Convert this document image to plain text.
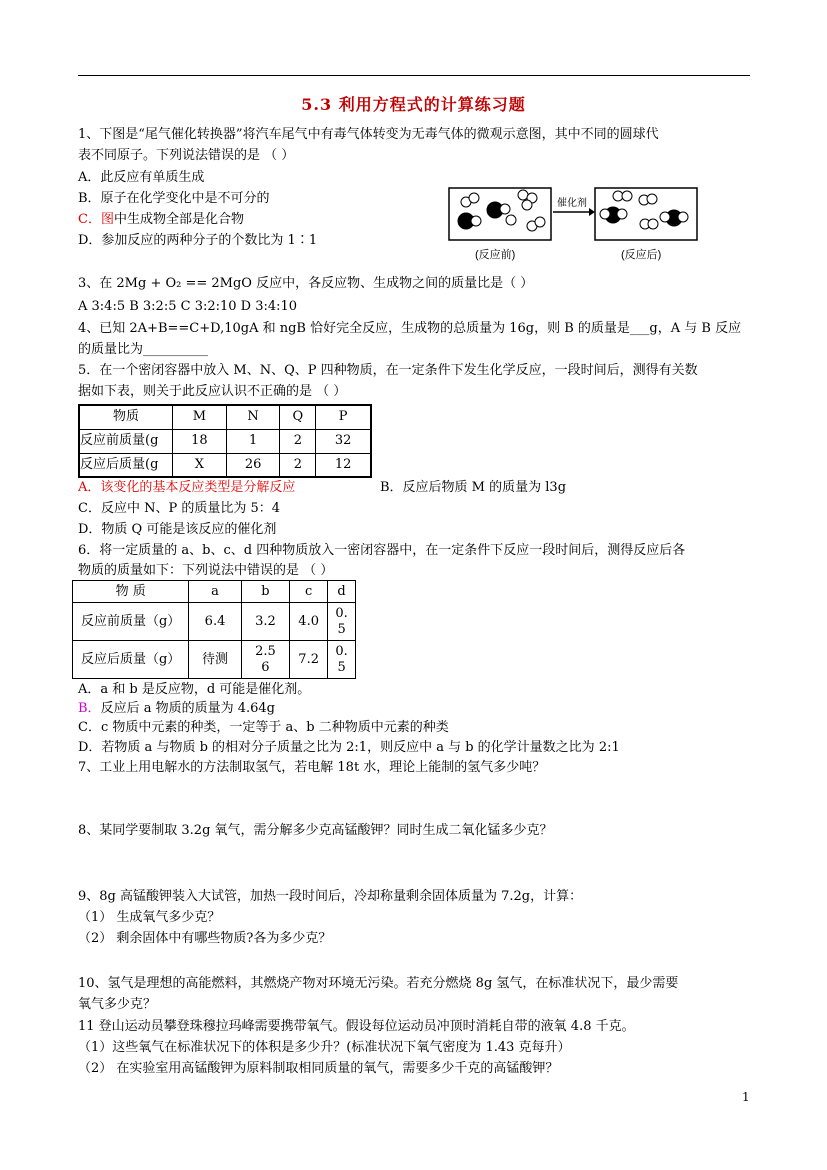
5.3 利用方程式的计算练习题
1、下图是“尾气催化转换器”将汽车尾气中有毒气体转变为无毒气体的微观示意图，其中不同的圆球代
表不同原子。下列说法错误的是 （ ）
A．此反应有单质生成
B．原子在化学变化中是不可分的
C．图中生成物全部是化合物
D．参加反应的两种分子的个数比为 1∶1
催化剂
(反应前)	(反应后)
3、在 2Mg + O₂ == 2MgO 反应中，各反应物、生成物之间的质量比是（ ）
A 3:4:5 B 3:2:5 C 3:2:10 D 3:4:10
4、已知 2A+B==C+D,10gA 和 ngB 恰好完全反应，生成物的总质量为 16g，则 B 的质量是___g，A 与 B 反应
的质量比为__________
5．在一个密闭容器中放入 M、N、Q、P 四种物质，在一定条件下发生化学反应，一段时间后，测得有关数
据如下表，则关于此反应认识不正确的是 （ ）
物质	M	N	Q	P
反应前质量(g	18	1	2	32
反应后质量(g	X	26	2	12
A．该变化的基本反应类型是分解反应	B．反应后物质 M 的质量为 l3g
C．反应中 N、P 的质量比为 5：4
D．物质 Q 可能是该反应的催化剂
6．将一定质量的 a、b、c、d 四种物质放入一密闭容器中，在一定条件下反应一段时间后，测得反应后各
物质的质量如下：下列说法中错误的是 （ ）
物 质	a	b	c	d
反应前质量（g）	6.4	3.2	4.0	0.5
反应后质量（g）	待测	2.56	7.2	0.5
A．a 和 b 是反应物，d 可能是催化剂。
B．反应后 a 物质的质量为 4.64g
C．c 物质中元素的种类，一定等于 a、b 二种物质中元素的种类
D．若物质 a 与物质 b 的相对分子质量之比为 2:1，则反应中 a 与 b 的化学计量数之比为 2:1
7、工业上用电解水的方法制取氢气，若电解 18t 水，理论上能制的氢气多少吨？
8、某同学要制取 3.2g 氧气，需分解多少克高锰酸钾？同时生成二氧化锰多少克？
9、8g 高锰酸钾装入大试管，加热一段时间后，冷却称量剩余固体质量为 7.2g，计算：
（1） 生成氧气多少克？
（2） 剩余固体中有哪些物质?各为多少克？
10、氢气是理想的高能燃料，其燃烧产物对环境无污染。若充分燃烧 8g 氢气，在标准状况下，最少需要
氧气多少克？
11 登山运动员攀登珠穆拉玛峰需要携带氧气。假设每位运动员冲顶时消耗自带的液氧 4.8 千克。
（1）这些氧气在标准状况下的体积是多少升？(标准状况下氧气密度为 1.43 克每升）
（2） 在实验室用高锰酸钾为原料制取相同质量的氧气，需要多少千克的高锰酸钾？
1
